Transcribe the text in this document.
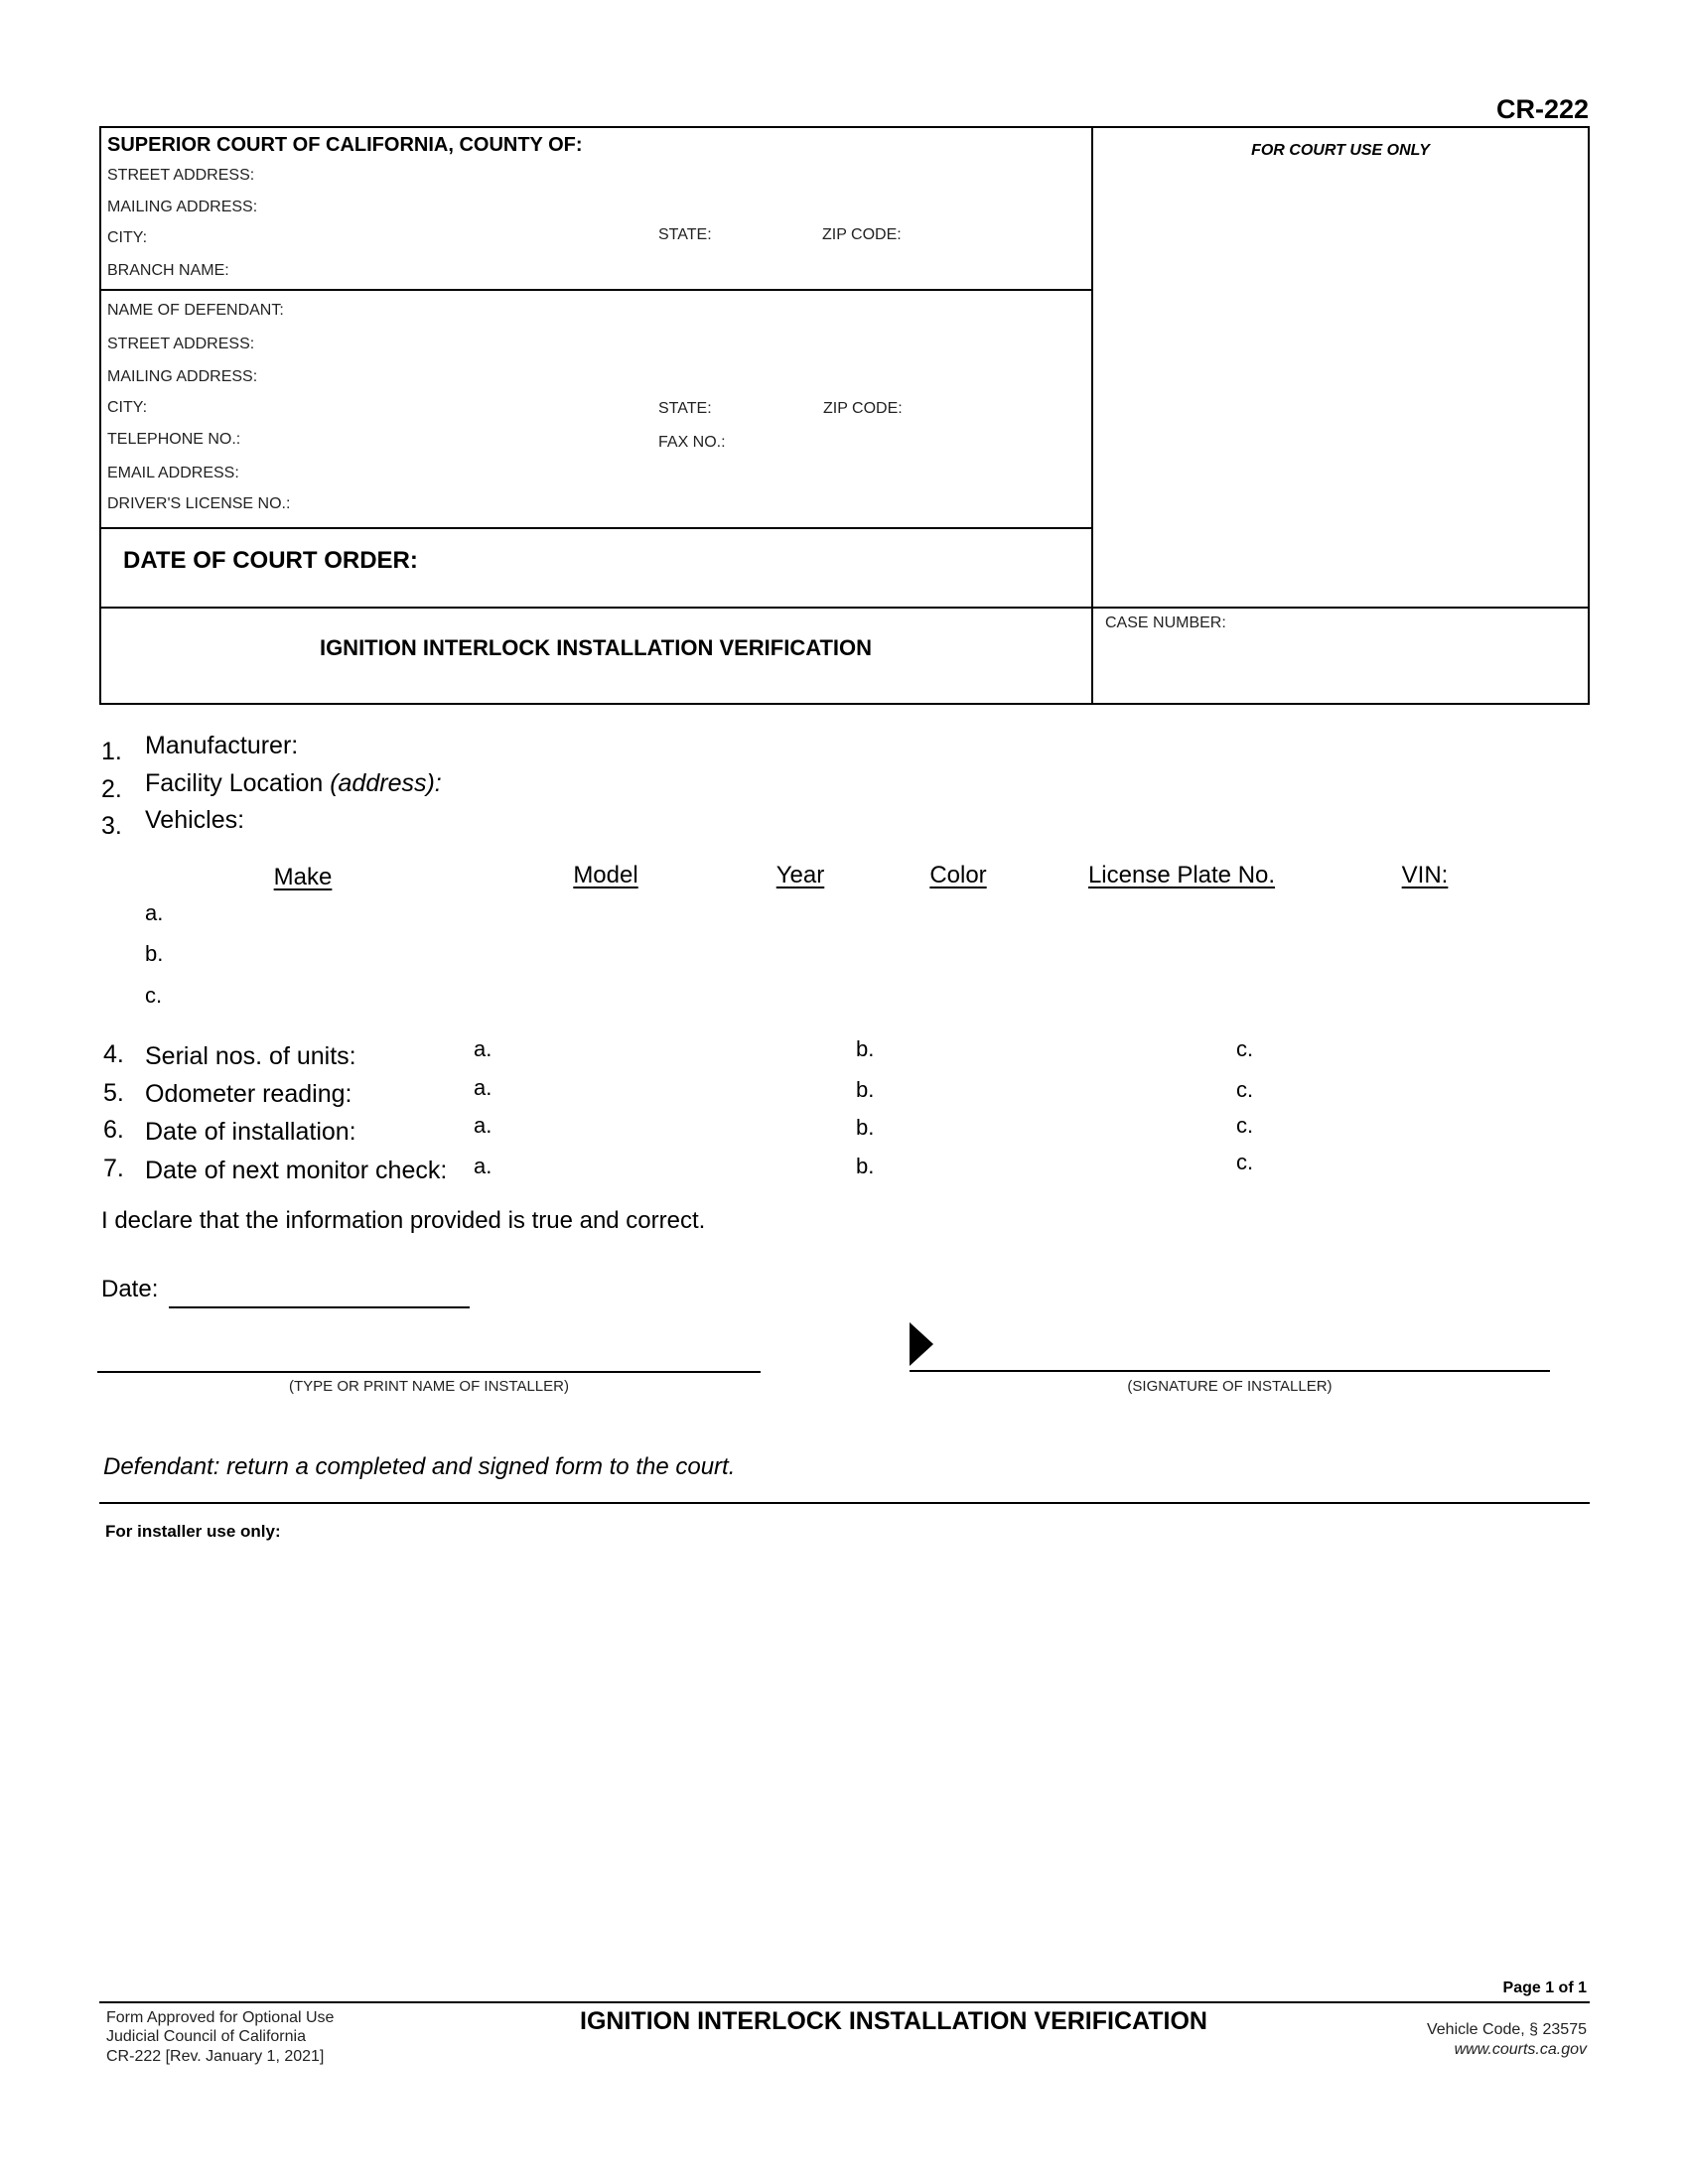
CR-222
SUPERIOR COURT OF CALIFORNIA, COUNTY OF:
STREET ADDRESS:
MAILING ADDRESS:
CITY:	STATE:	ZIP CODE:
BRANCH NAME:
NAME OF DEFENDANT:
STREET ADDRESS:
MAILING ADDRESS:
CITY:	STATE:	ZIP CODE:
TELEPHONE NO.:	FAX NO.:
EMAIL ADDRESS:
DRIVER'S LICENSE NO.:
DATE OF COURT ORDER:
FOR COURT USE ONLY
IGNITION INTERLOCK INSTALLATION VERIFICATION
CASE NUMBER:
1. Manufacturer:
2. Facility Location (address):
3. Vehicles:
Make	Model	Year	Color	License Plate No.	VIN:
a.
b.
c.
4. Serial nos. of units:	a.	b.	c.
5. Odometer reading:	a.	b.	c.
6. Date of installation:	a.	b.	c.
7. Date of next monitor check: a.	b.	c.
I declare that the information provided is true and correct.
Date:
(TYPE OR PRINT NAME OF INSTALLER)	(SIGNATURE OF INSTALLER)
Defendant: return a completed and signed form to the court.
For installer use only:
Page 1 of 1
Form Approved for Optional Use
Judicial Council of California
CR-222 [Rev. January 1, 2021]
IGNITION INTERLOCK INSTALLATION VERIFICATION	Vehicle Code, § 23575
www.courts.ca.gov
